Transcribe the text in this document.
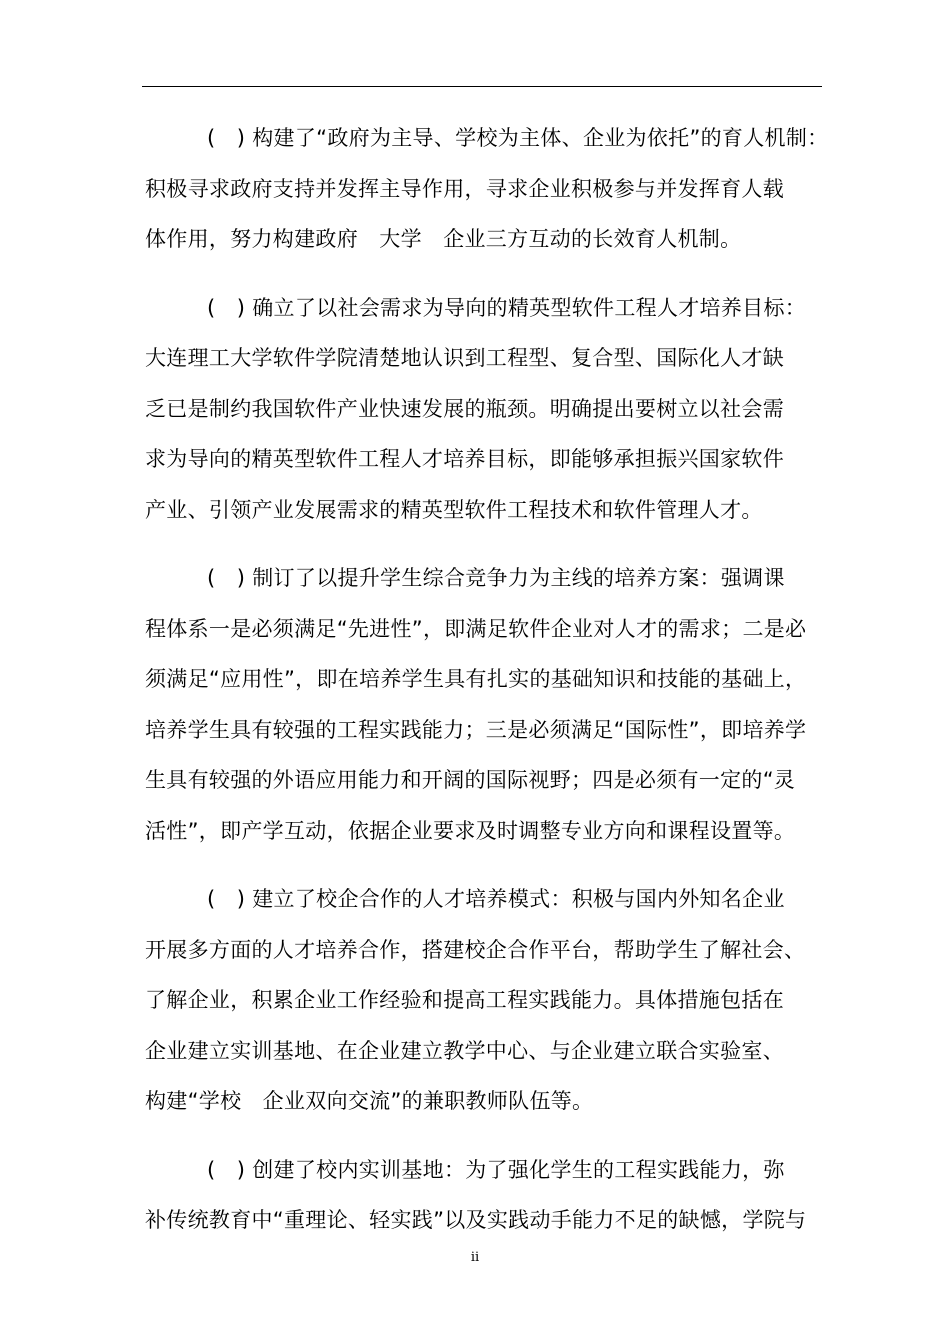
(　) 构建了“政府为主导、学校为主体、企业为依托”的育人机制：
积极寻求政府支持并发挥主导作用，寻求企业积极参与并发挥育人载
体作用，努力构建政府　大学　企业三方互动的长效育人机制。
(　) 确立了以社会需求为导向的精英型软件工程人才培养目标：
大连理工大学软件学院清楚地认识到工程型、复合型、国际化人才缺
乏已是制约我国软件产业快速发展的瓶颈。明确提出要树立以社会需
求为导向的精英型软件工程人才培养目标，即能够承担振兴国家软件
产业、引领产业发展需求的精英型软件工程技术和软件管理人才。
(　) 制订了以提升学生综合竞争力为主线的培养方案：强调课
程体系一是必须满足“先进性”，即满足软件企业对人才的需求；二是必
须满足“应用性”，即在培养学生具有扎实的基础知识和技能的基础上，
培养学生具有较强的工程实践能力；三是必须满足“国际性”，即培养学
生具有较强的外语应用能力和开阔的国际视野；四是必须有一定的“灵
活性”，即产学互动，依据企业要求及时调整专业方向和课程设置等。
(　) 建立了校企合作的人才培养模式：积极与国内外知名企业
开展多方面的人才培养合作，搭建校企合作平台，帮助学生了解社会、
了解企业，积累企业工作经验和提高工程实践能力。具体措施包括在
企业建立实训基地、在企业建立教学中心、与企业建立联合实验室、
构建“学校　企业双向交流”的兼职教师队伍等。
(　) 创建了校内实训基地：为了强化学生的工程实践能力，弥
补传统教育中“重理论、轻实践”以及实践动手能力不足的缺憾，学院与
ii
